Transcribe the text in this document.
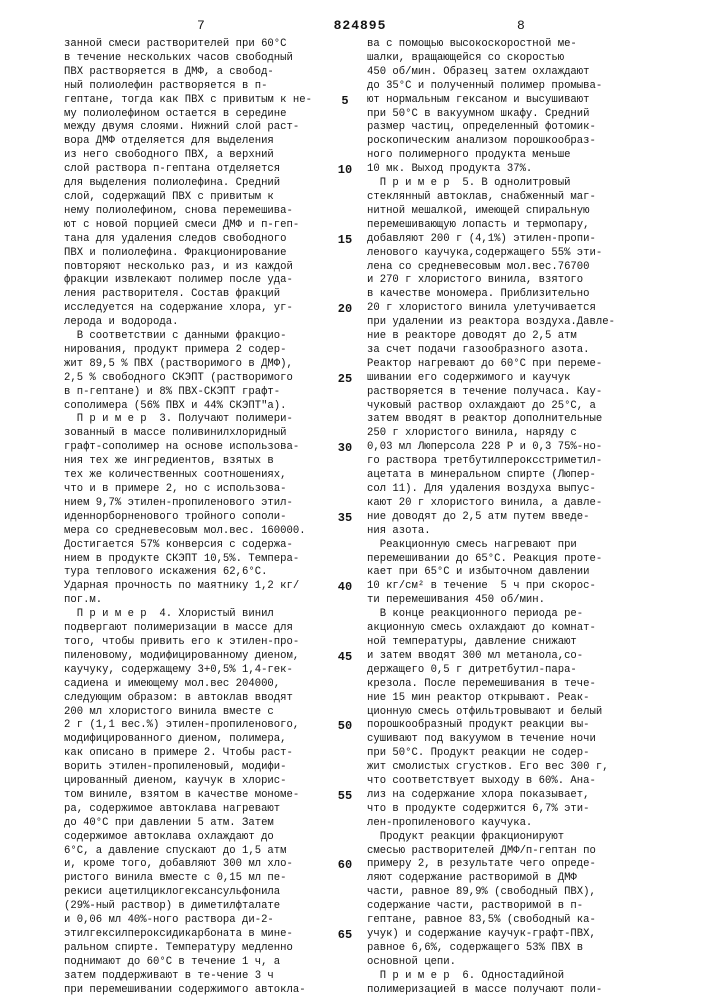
7	824895	8

занной смеси растворителей при 60°С

в течение нескольких часов свободный

ПВХ растворяется в ДМФ, а свобод-

ный полиолефин растворяется в п-

гептане, тогда как ПВХ с привитым к не-

му полиолефином остается в середине

между двумя слоями. Нижний слой раст-

вора ДМФ отделяется для выделения

из него свободного ПВХ, а верхний

слой раствора п-гептана отделяется

для выделения полиолефина. Средний

слой, содержащий ПВХ с привитым к

нему полиолефином, снова перемешива-

ют с новой порцией смеси ДМФ и п-геп-

тана для удаления следов свободного

ПВХ и полиолефина. Фракционирование

повторяют несколько раз, и из каждой

фракции извлекают полимер после уда-

ления растворителя. Состав фракций

исследуется на содержание хлора, уг-

лерода и водорода.

В соответствии с данными фракцио-

нирования, продукт примера 2 содер-

жит 89,5 % ПВХ (растворимого в ДМФ),

2,5 % свободного СКЭПТ (растворимого

в п-гептане) и 8% ПВХ-СКЭПТ графт-

сополимера (56% ПВХ и 44% СКЭПТ"а).

П р и м е р  3. Получают полимери-

зованный в массе поливинилхлоридный

графт-сополимер на основе использова-

ния тех же ингредиентов, взятых в

тех же количественных соотношениях,

что и в примере 2, но с использова-

нием 9,7% этилен-пропиленового этил-

иденнорборненового тройного сополи-

мера со средневесовым мол.вес. 160000.

Достигается 57% конверсия с содержа-

нием в продукте СКЭПТ 10,5%. Темпера-

тура теплового искажения 62,6°С.

Ударная прочность по маятнику 1,2 кг/

пог.м.

П р и м е р  4. Хлористый винил

подвергают полимеризации в массе для

того, чтобы привить его к этилен-про-

пиленовому, модифицированному диеном,

каучуку, содержащему 3+0,5% 1,4-гек-

садиена и имеющему мол.вес 204000,

следующим образом: в автоклав вводят

200 мл хлористого винила вместе с

2 г (1,1 вес.%) этилен-пропиленового,

модифицированного диеном, полимера,

как описано в примере 2. Чтобы раст-

ворить этилен-пропиленовый, модифи-

цированный диеном, каучук в хлорис-

том виниле, взятом в качестве мономе-

ра, содержимое автоклава нагревают

до 40°С при давлении 5 атм. Затем

содержимое автоклава охлаждают до

6°С, а давление спускают до 1,5 атм

и, кроме того, добавляют 300 мл хло-

ристого винила вместе с 0,15 мл пе-

рекиси ацетилциклогексансульфонила

(29%-ный раствор) в диметилфталате

и 0,06 мл 40%-ного раствора ди-2-

этилгексилпероксидикарбоната в мине-

ральном спирте. Температуру медленно

поднимают до 60°С в течение 1 ч, а

затем поддерживают в те-чение 3 ч

при перемешивании содержимого автокла-

5
10
15
20
25
30
35
40
45
50
55
60
65

ва с помощью высокоскоростной ме-

шалки, вращающейся со скоростью

450 об/мин. Образец затем охлаждают

до 35°С и полученный полимер промыва-

ют нормальным гексаном и высушивают

при 50°С в вакуумном шкафу. Средний

размер частиц, определенный фотомик-

роскопическим анализом порошкообраз-

ного полимерного продукта меньше

10 мк. Выход продукта 37%.

П р и м е р  5. В однолитровый

стеклянный автоклав, снабженный маг-

нитной мешалкой, имеющей спиральную

перемешивающую лопасть и термопару,

добавляют 200 г (4,1%) этилен-пропи-

ленового каучука,содержащего 55% эти-

лена со средневесовым мол.вес.76700

и 270 г хлористого винила, взятого

в качестве мономера. Приблизительно

20 г хлористого винила улетучивается

при удалении из реактора воздуха.Давле-

ние в реакторе доводят до 2,5 атм

за счет подачи газообразного азота.

Реактор нагревают до 60°С при переме-

шивании его содержимого и каучук

растворяется в течение получаса. Кау-

чуковый раствор охлаждают до 25°С, а

затем вводят в реактор дополнительные

250 г хлористого винила, наряду с

0,03 мл Люперсола 228 P и 0,3 75%-но-

го раствора третбутилпероксстриметил-

ацетата в минеральном спирте (Люпер-

сол 11). Для удаления воздуха выпус-

кают 20 г хлористого винила, а давле-

ние доводят до 2,5 атм путем введе-

ния азота.

Реакционную смесь нагревают при

перемешивании до 65°С. Реакция проте-

кает при 65°С и избыточном давлении

10 кг/см² в течение  5 ч при скорос-

ти перемешивания 450 об/мин.

В конце реакционного периода ре-

акционную смесь охлаждают до комнат-

ной температуры, давление снижают

и затем вводят 300 мл метанола,со-

держащего 0,5 г дитретбутил-пара-

крезола. После перемешивания в тече-

ние 15 мин реактор открывают. Реак-

ционную смесь отфильтровывают и белый

порошкообразный продукт реакции вы-

сушивают под вакуумом в течение ночи

при 50°С. Продукт реакции не содер-

жит смолистых сгустков. Его вес 300 г,

что соответствует выходу в 60%. Ана-

лиз на содержание хлора показывает,

что в продукте содержится 6,7% эти-

лен-пропиленового каучука.

Продукт реакции фракционируют

смесью растворителей ДМФ/п-гептан по

примеру 2, в результате чего опреде-

ляют содержание растворимой в ДМФ

части, равное 89,9% (свободный ПВХ),

содержание части, растворимой в п-

гептане, равное 83,5% (свободный ка-

учук) и содержание каучук-графт-ПВХ,

равное 6,6%, содержащего 53% ПВХ в

основной цепи.

П р и м е р  6. Одностадийной

полимеризацией в массе получают поли-
